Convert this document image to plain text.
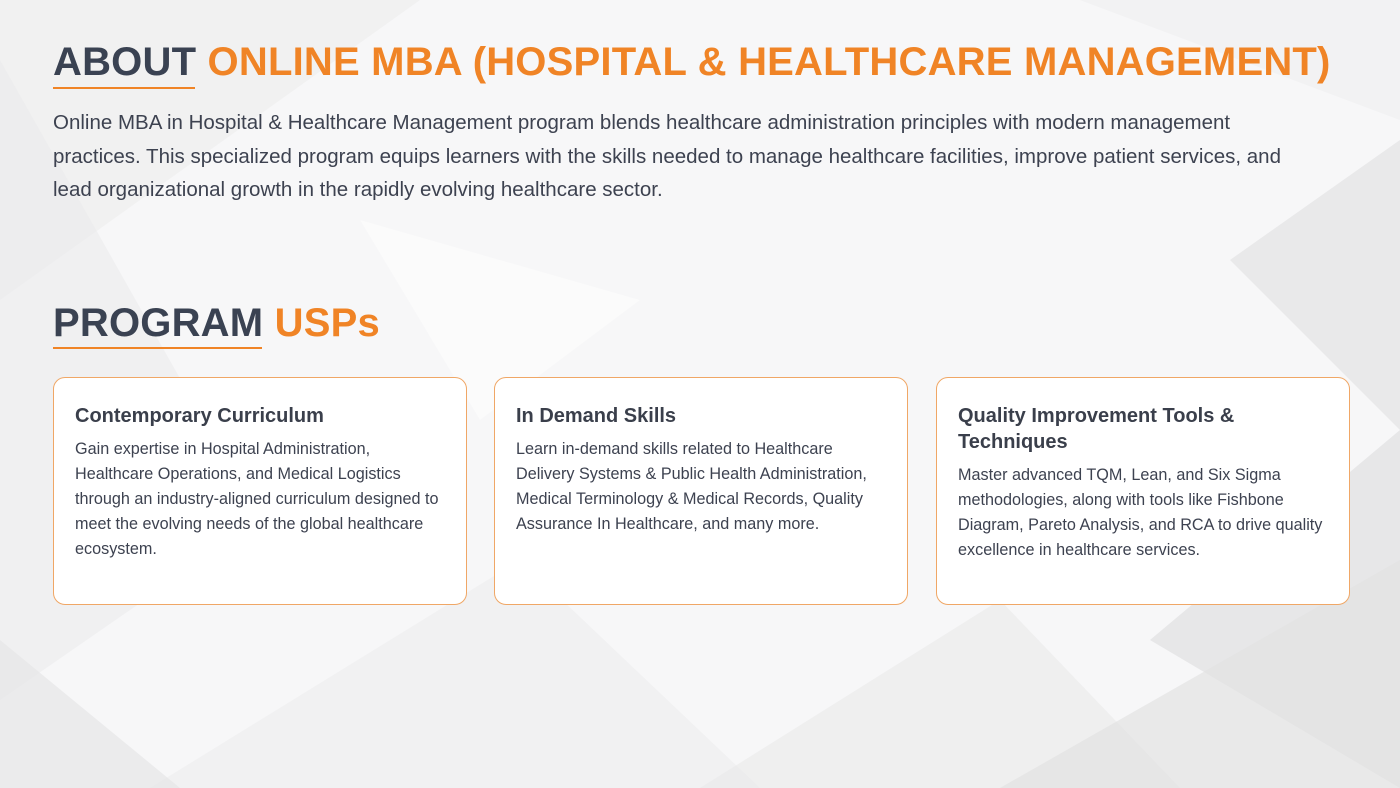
ABOUT ONLINE MBA (HOSPITAL & HEALTHCARE MANAGEMENT)

Online MBA in Hospital & Healthcare Management program blends healthcare administration principles with modern management practices. This specialized program equips learners with the skills needed to manage healthcare facilities, improve patient services, and lead organizational growth in the rapidly evolving healthcare sector.

PROGRAM USPs
Contemporary Curriculum

Gain expertise in Hospital Administration, Healthcare Operations, and Medical Logistics through an industry-aligned curriculum designed to meet the evolving needs of the global healthcare ecosystem.

In Demand Skills

Learn in-demand skills related to Healthcare Delivery Systems & Public Health Administration, Medical Terminology & Medical Records, Quality Assurance In Healthcare, and many more.

Quality Improvement Tools & Techniques

Master advanced TQM, Lean, and Six Sigma methodologies, along with tools like Fishbone Diagram, Pareto Analysis, and RCA to drive quality excellence in healthcare services.
